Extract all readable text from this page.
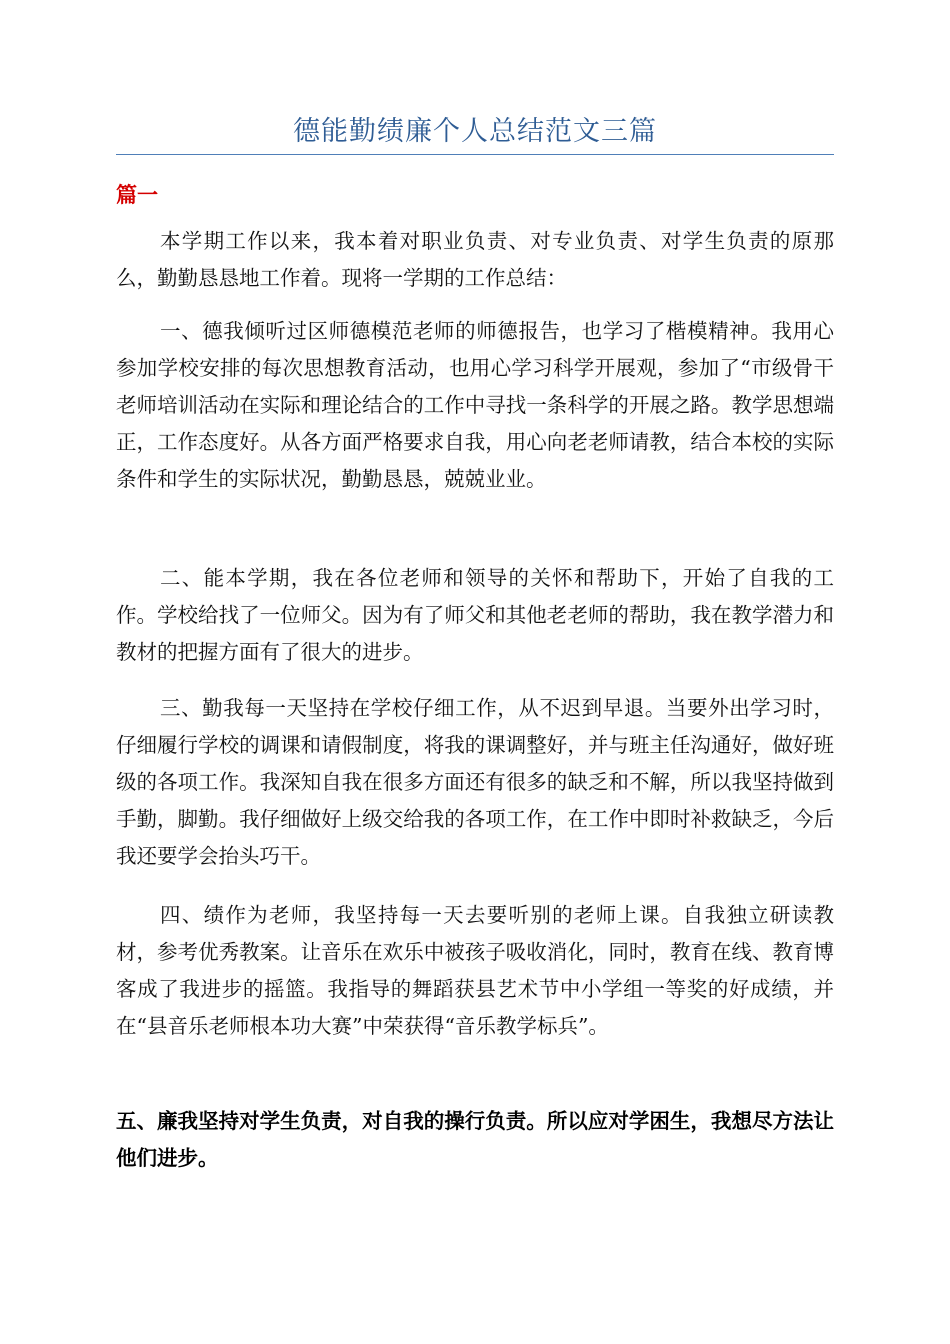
德能勤绩廉个人总结范文三篇
篇一

本学期工作以来，我本着对职业负责、对专业负责、对学生负责的原那么，勤勤恳恳地工作着。现将一学期的工作总结：

一、德我倾听过区师德模范老师的师德报告，也学习了楷模精神。我用心参加学校安排的每次思想教育活动，也用心学习科学开展观，参加了“市级骨干老师培训活动在实际和理论结合的工作中寻找一条科学的开展之路。教学思想端正，工作态度好。从各方面严格要求自我，用心向老老师请教，结合本校的实际条件和学生的实际状况，勤勤恳恳，兢兢业业。

二、能本学期，我在各位老师和领导的关怀和帮助下，开始了自我的工作。学校给找了一位师父。因为有了师父和其他老老师的帮助，我在教学潜力和教材的把握方面有了很大的进步。

三、勤我每一天坚持在学校仔细工作，从不迟到早退。当要外出学习时，仔细履行学校的调课和请假制度，将我的课调整好，并与班主任沟通好，做好班级的各项工作。我深知自我在很多方面还有很多的缺乏和不解，所以我坚持做到手勤，脚勤。我仔细做好上级交给我的各项工作，在工作中即时补救缺乏，今后我还要学会抬头巧干。

四、绩作为老师，我坚持每一天去要听别的老师上课。自我独立研读教材，参考优秀教案。让音乐在欢乐中被孩子吸收消化，同时，教育在线、教育博客成了我进步的摇篮。我指导的舞蹈获县艺术节中小学组一等奖的好成绩，并在“县音乐老师根本功大赛”中荣获得“音乐教学标兵”。

五、廉我坚持对学生负责，对自我的操行负责。所以应对学困生，我想尽方法让他们进步。
